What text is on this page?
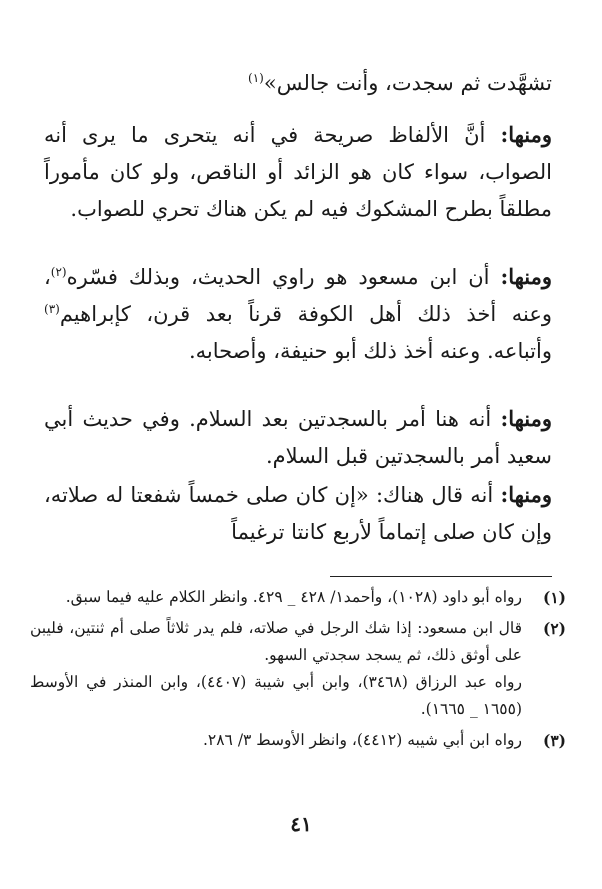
تشهَّدت ثم سجدت، وأنت جالس»$^{(١)}$

ومنها: أنَّ الألفاظ صريحة في أنه يتحرى ما يرى أنه الصواب، سواء كان هو الزائد أو الناقص، ولو كان مأموراً مطلقاً بطرح المشكوك فيه لم يكن هناك تحري للصواب.

ومنها: أن ابن مسعود هو راوي الحديث، وبذلك فسّره$^{(٢)}$، وعنه أخذ ذلك أهل الكوفة قرناً بعد قرن، كإبراهيم$^{(٣)}$ وأتباعه. وعنه أخذ ذلك أبو حنيفة، وأصحابه.

ومنها: أنه هنا أمر بالسجدتين بعد السلام. وفي حديث أبي سعيد أمر بالسجدتين قبل السلام.

ومنها: أنه قال هناك: «إن كان صلى خمساً شفعتا له صلاته، وإن كان صلى إتماماً لأربع كانتا ترغيماً

(١)
رواه أبو داود (١٠٢٨)، وأحمد١/ ٤٢٨ _ ٤٢٩. وانظر الكلام عليه فيما سبق.
(٢)
قال ابن مسعود: إذا شك الرجل في صلاته، فلم يدر ثلاثاً صلى أم ثنتين، فليبن على أوثق ذلك، ثم يسجد سجدتي السهو.
رواه عبد الرزاق (٣٤٦٨)، وابن أبي شيبة (٤٤٠٧)، وابن المنذر في الأوسط (١٦٥٥ _ ١٦٦٥).
(٣)
رواه ابن أبي شيبه (٤٤١٢)، وانظر الأوسط ٣/ ٢٨٦.
٤١
